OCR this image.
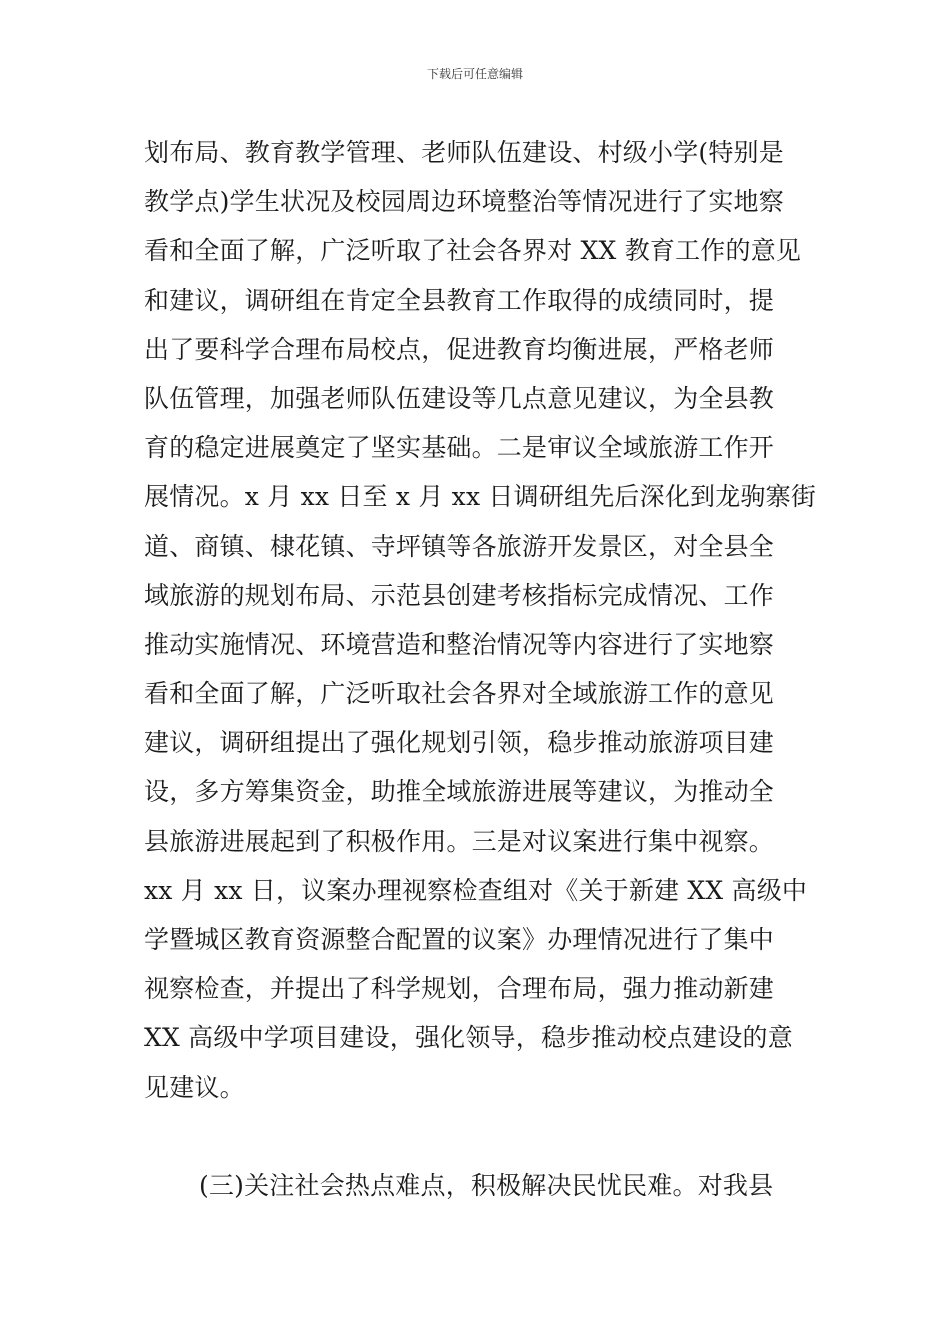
下载后可任意编辑
划布局、教育教学管理、老师队伍建设、村级小学(特别是
教学点)学生状况及校园周边环境整治等情况进行了实地察
看和全面了解，广泛听取了社会各界对 XX 教育工作的意见
和建议，调研组在肯定全县教育工作取得的成绩同时，提
出了要科学合理布局校点，促进教育均衡进展，严格老师
队伍管理，加强老师队伍建设等几点意见建议，为全县教
育的稳定进展奠定了坚实基础。二是审议全域旅游工作开
展情况。x 月 xx 日至 x 月 xx 日调研组先后深化到龙驹寨街
道、商镇、棣花镇、寺坪镇等各旅游开发景区，对全县全
域旅游的规划布局、示范县创建考核指标完成情况、工作
推动实施情况、环境营造和整治情况等内容进行了实地察
看和全面了解，广泛听取社会各界对全域旅游工作的意见
建议，调研组提出了强化规划引领，稳步推动旅游项目建
设，多方筹集资金，助推全域旅游进展等建议，为推动全
县旅游进展起到了积极作用。三是对议案进行集中视察。
xx 月 xx 日，议案办理视察检查组对《关于新建 XX 高级中
学暨城区教育资源整合配置的议案》办理情况进行了集中
视察检查，并提出了科学规划，合理布局，强力推动新建
XX 高级中学项目建设，强化领导，稳步推动校点建设的意
见建议。
(三)关注社会热点难点，积极解决民忧民难。对我县
